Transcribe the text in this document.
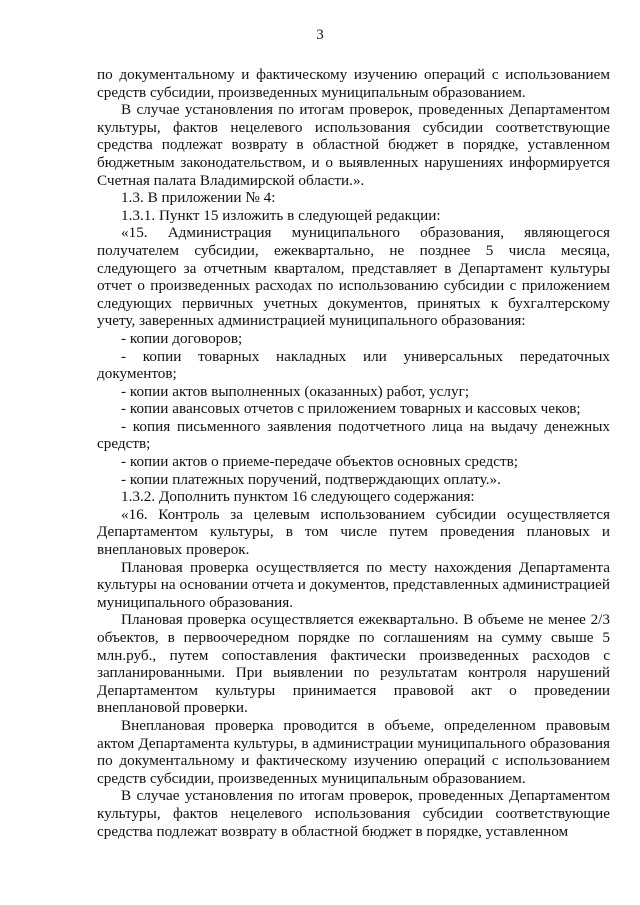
3

по документальному и фактическому изучению операций с использованием средств субсидии, произведенных муниципальным образованием.

В случае установления по итогам проверок, проведенных Департаментом культуры, фактов нецелевого использования субсидии соответствующие средства подлежат возврату в областной бюджет в порядке, уставленном бюджетным законодательством, и о выявленных нарушениях информируется Счетная палата Владимирской области.».

1.3. В приложении № 4:

1.3.1. Пункт 15 изложить в следующей редакции:

«15. Администрация муниципального образования, являющегося получателем субсидии, ежеквартально, не позднее 5 числа месяца, следующего за отчетным кварталом, представляет в Департамент культуры отчет о произведенных расходах по использованию субсидии с приложением следующих первичных учетных документов, принятых к бухгалтерскому учету, заверенных администрацией муниципального образования:

- копии договоров;

- копии товарных накладных или универсальных передаточных документов;

- копии актов выполненных (оказанных) работ, услуг;

- копии авансовых отчетов с приложением товарных и кассовых чеков;

- копия письменного заявления подотчетного лица на выдачу денежных средств;

- копии актов о приеме-передаче объектов основных средств;

- копии платежных поручений, подтверждающих оплату.».

1.3.2. Дополнить пунктом 16 следующего содержания:

«16. Контроль за целевым использованием субсидии осуществляется Департаментом культуры, в том числе путем проведения плановых и внеплановых проверок.

Плановая проверка осуществляется по месту нахождения Департамента культуры на основании отчета и документов, представленных администрацией муниципального образования.

Плановая проверка осуществляется ежеквартально. В объеме не менее 2/3 объектов, в первоочередном порядке по соглашениям на сумму свыше 5 млн.руб., путем сопоставления фактически произведенных расходов с запланированными. При выявлении по результатам контроля нарушений Департаментом культуры принимается правовой акт о проведении внеплановой проверки.

Внеплановая проверка проводится в объеме, определенном правовым актом Департамента культуры, в администрации муниципального образования по документальному и фактическому изучению операций с использованием средств субсидии, произведенных муниципальным образованием.

В случае установления по итогам проверок, проведенных Департаментом культуры, фактов нецелевого использования субсидии соответствующие средства подлежат возврату в областной бюджет в порядке, уставленном
